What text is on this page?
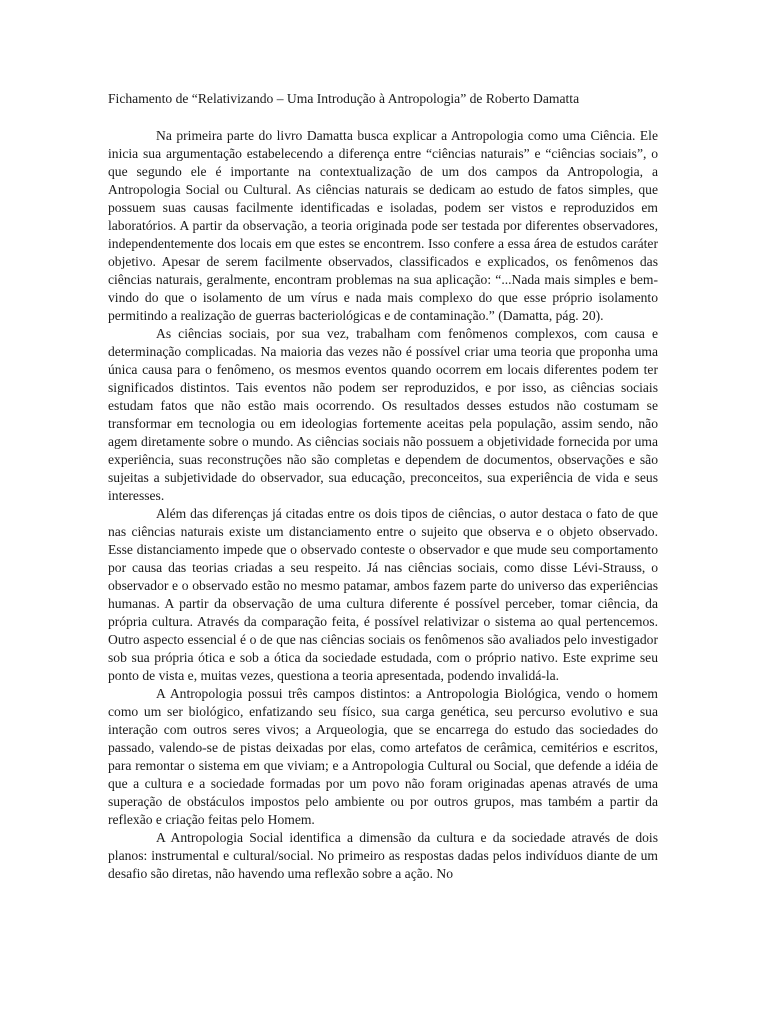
Fichamento de “Relativizando – Uma Introdução à Antropologia” de Roberto Damatta

Na primeira parte do livro Damatta busca explicar a Antropologia como uma Ciência. Ele inicia sua argumentação estabelecendo a diferença entre “ciências naturais” e “ciências sociais”, o que segundo ele é importante na contextualização de um dos campos da Antropologia, a Antropologia Social ou Cultural. As ciências naturais se dedicam ao estudo de fatos simples, que possuem suas causas facilmente identificadas e isoladas, podem ser vistos e reproduzidos em laboratórios. A partir da observação, a teoria originada pode ser testada por diferentes observadores, independentemente dos locais em que estes se encontrem. Isso confere a essa área de estudos caráter objetivo. Apesar de serem facilmente observados, classificados e explicados, os fenômenos das ciências naturais, geralmente, encontram problemas na sua aplicação: “...Nada mais simples e bem-vindo do que o isolamento de um vírus e nada mais complexo do que esse próprio isolamento permitindo a realização de guerras bacteriológicas e de contaminação.” (Damatta, pág. 20).

As ciências sociais, por sua vez, trabalham com fenômenos complexos, com causa e determinação complicadas. Na maioria das vezes não é possível criar uma teoria que proponha uma única causa para o fenômeno, os mesmos eventos quando ocorrem em locais diferentes podem ter significados distintos. Tais eventos não podem ser reproduzidos, e por isso, as ciências sociais estudam fatos que não estão mais ocorrendo. Os resultados desses estudos não costumam se transformar em tecnologia ou em ideologias fortemente aceitas pela população, assim sendo, não agem diretamente sobre o mundo. As ciências sociais não possuem a objetividade fornecida por uma experiência, suas reconstruções não são completas e dependem de documentos, observações e são sujeitas a subjetividade do observador, sua educação, preconceitos, sua experiência de vida e seus interesses.

Além das diferenças já citadas entre os dois tipos de ciências, o autor destaca o fato de que nas ciências naturais existe um distanciamento entre o sujeito que observa e o objeto observado. Esse distanciamento impede que o observado conteste o observador e que mude seu comportamento por causa das teorias criadas a seu respeito. Já nas ciências sociais, como disse Lévi-Strauss, o observador e o observado estão no mesmo patamar, ambos fazem parte do universo das experiências humanas. A partir da observação de uma cultura diferente é possível perceber, tomar ciência, da própria cultura. Através da comparação feita, é possível relativizar o sistema ao qual pertencemos. Outro aspecto essencial é o de que nas ciências sociais os fenômenos são avaliados pelo investigador sob sua própria ótica e sob a ótica da sociedade estudada, com o próprio nativo. Este exprime seu ponto de vista e, muitas vezes, questiona a teoria apresentada, podendo invalidá-la.

A Antropologia possui três campos distintos: a Antropologia Biológica, vendo o homem como um ser biológico, enfatizando seu físico, sua carga genética, seu percurso evolutivo e sua interação com outros seres vivos; a Arqueologia, que se encarrega do estudo das sociedades do passado, valendo-se de pistas deixadas por elas, como artefatos de cerâmica, cemitérios e escritos, para remontar o sistema em que viviam; e a Antropologia Cultural ou Social, que defende a idéia de que a cultura e a sociedade formadas por um povo não foram originadas apenas através de uma superação de obstáculos impostos pelo ambiente ou por outros grupos, mas também a partir da reflexão e criação feitas pelo Homem.

A Antropologia Social identifica a dimensão da cultura e da sociedade através de dois planos: instrumental e cultural/social. No primeiro as respostas dadas pelos indivíduos diante de um desafio são diretas, não havendo uma reflexão sobre a ação. No
